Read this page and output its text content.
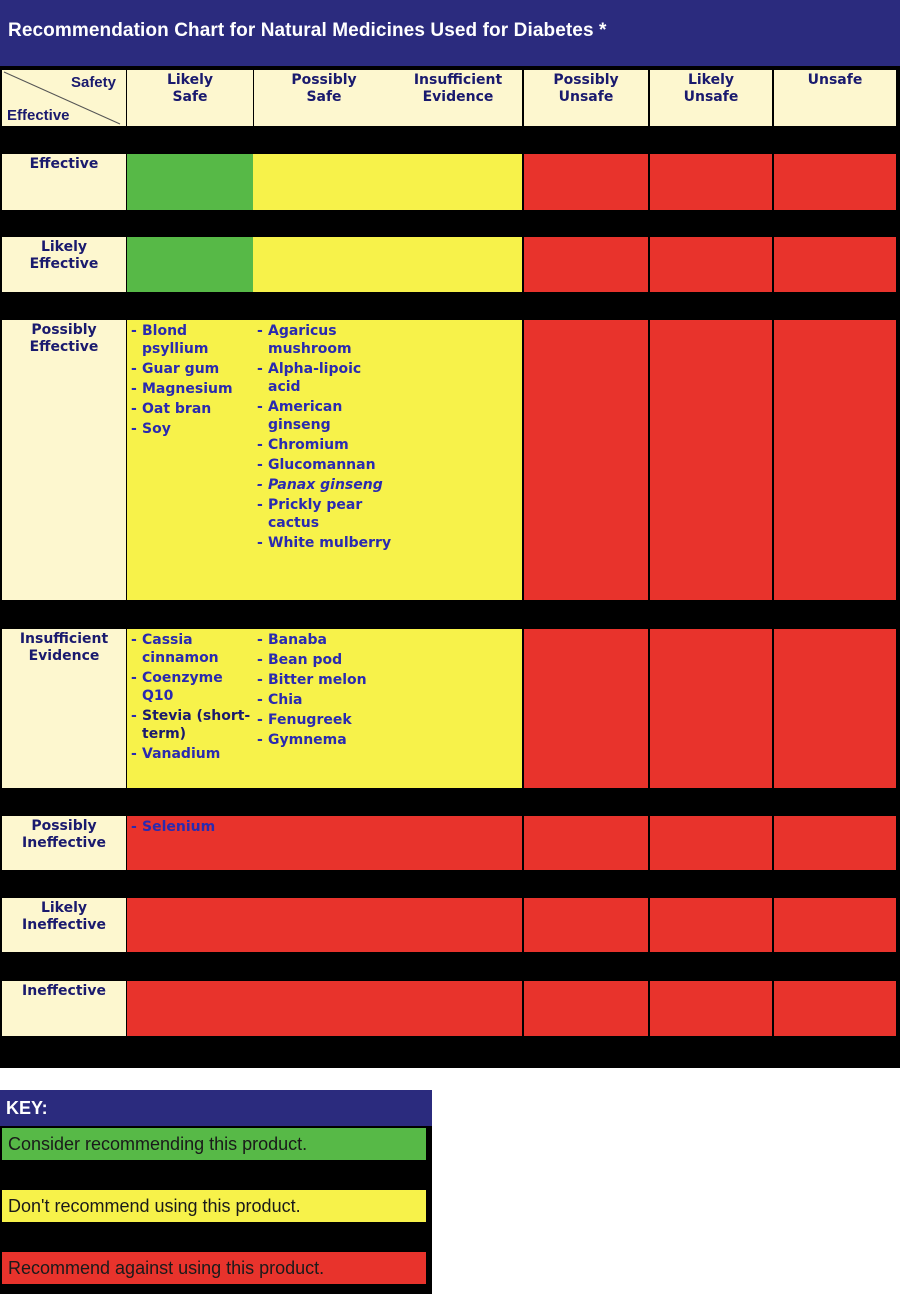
Recommendation Chart for Natural Medicines Used for Diabetes *
Safety
Effective
Likely
Safe
Possibly
Safe
Insufficient
Evidence
Possibly
Unsafe
Likely
Unsafe
Unsafe
Effective
Likely
Effective
Possibly
Effective
- Blond psyllium
- Guar gum
- Magnesium
- Oat bran
- Soy
- Agaricus mushroom
- Alpha-lipoic acid
- American ginseng
- Chromium
- Glucomannan
- Panax ginseng
- Prickly pear cactus
- White mulberry
Insufficient
Evidence
- Cassia cinnamon
- Coenzyme Q10
- Stevia (short-term)
- Vanadium
- Banaba
- Bean pod
- Bitter melon
- Chia
- Fenugreek
- Gymnema
Possibly
Ineffective
- Selenium
Likely
Ineffective
Ineffective
KEY:
Consider recommending this product.
Don't recommend using this product.
Recommend against using this product.
